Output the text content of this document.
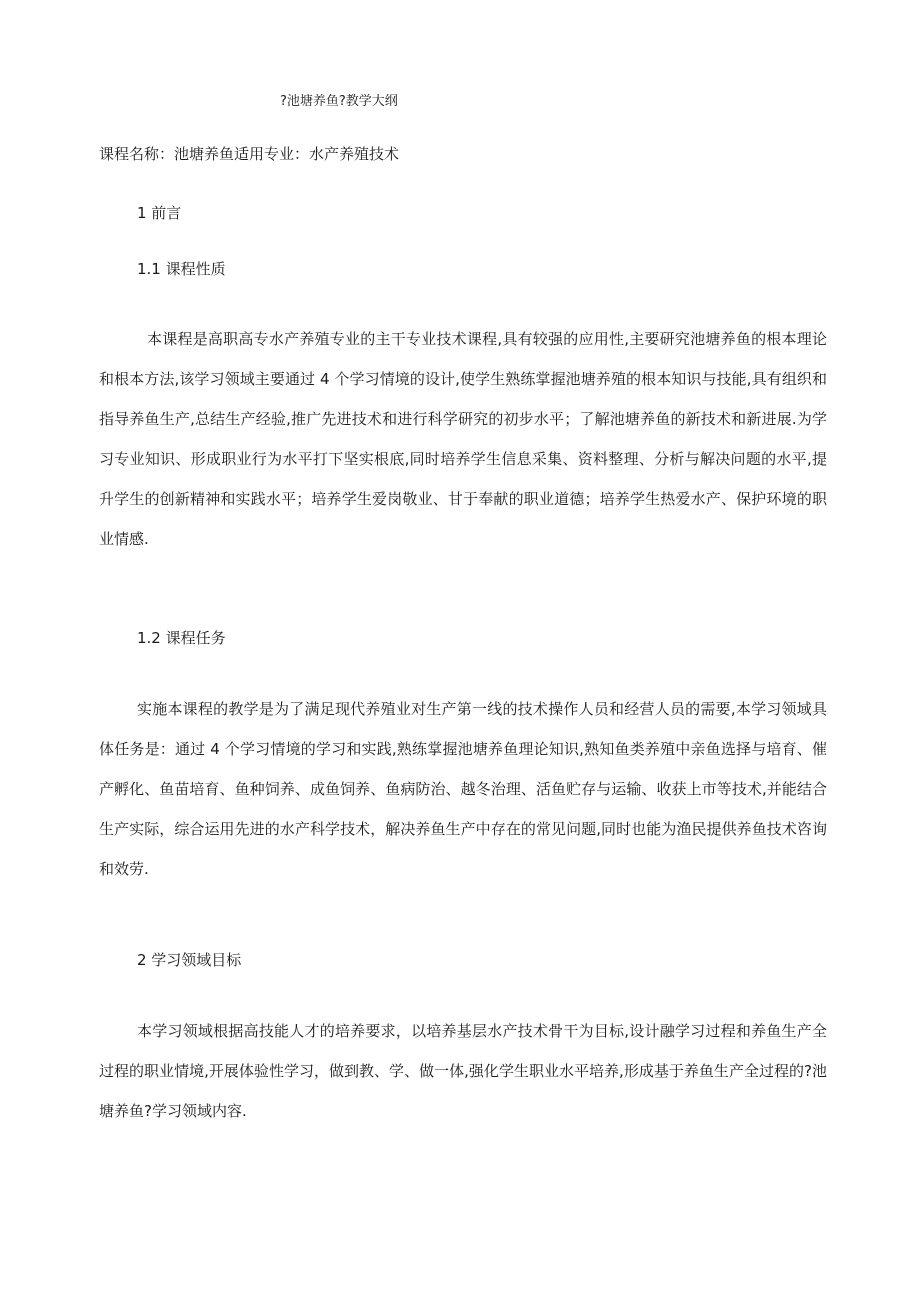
?池塘养鱼?教学大纲
课程名称：池塘养鱼适用专业：水产养殖技术
1 前言
1.1 课程性质

本课程是高职高专水产养殖专业的主干专业技术课程,具有较强的应用性,主要研究池塘养鱼的根本理论和根本方法,该学习领域主要通过 4 个学习情境的设计,使学生熟练掌握池塘养殖的根本知识与技能,具有组织和指导养鱼生产,总结生产经验,推广先进技术和进行科学研究的初步水平；了解池塘养鱼的新技术和新进展.为学习专业知识、形成职业行为水平打下坚实根底,同时培养学生信息采集、资料整理、分析与解决问题的水平,提升学生的创新精神和实践水平；培养学生爱岗敬业、甘于奉献的职业道德；培养学生热爱水产、保护环境的职业情感.

1.2 课程任务

实施本课程的教学是为了满足现代养殖业对生产第一线的技术操作人员和经营人员的需要,本学习领域具体任务是：通过 4 个学习情境的学习和实践,熟练掌握池塘养鱼理论知识,熟知鱼类养殖中亲鱼选择与培育、催产孵化、鱼苗培育、鱼种饲养、成鱼饲养、鱼病防治、越冬治理、活鱼贮存与运输、收获上市等技术,并能结合生产实际，综合运用先进的水产科学技术，解决养鱼生产中存在的常见问题,同时也能为渔民提供养鱼技术咨询和效劳.

2 学习领域目标

本学习领域根据高技能人才的培养要求，以培养基层水产技术骨干为目标,设计融学习过程和养鱼生产全过程的职业情境,开展体验性学习，做到教、学、做一体,强化学生职业水平培养,形成基于养鱼生产全过程的?池塘养鱼?学习领域内容.
